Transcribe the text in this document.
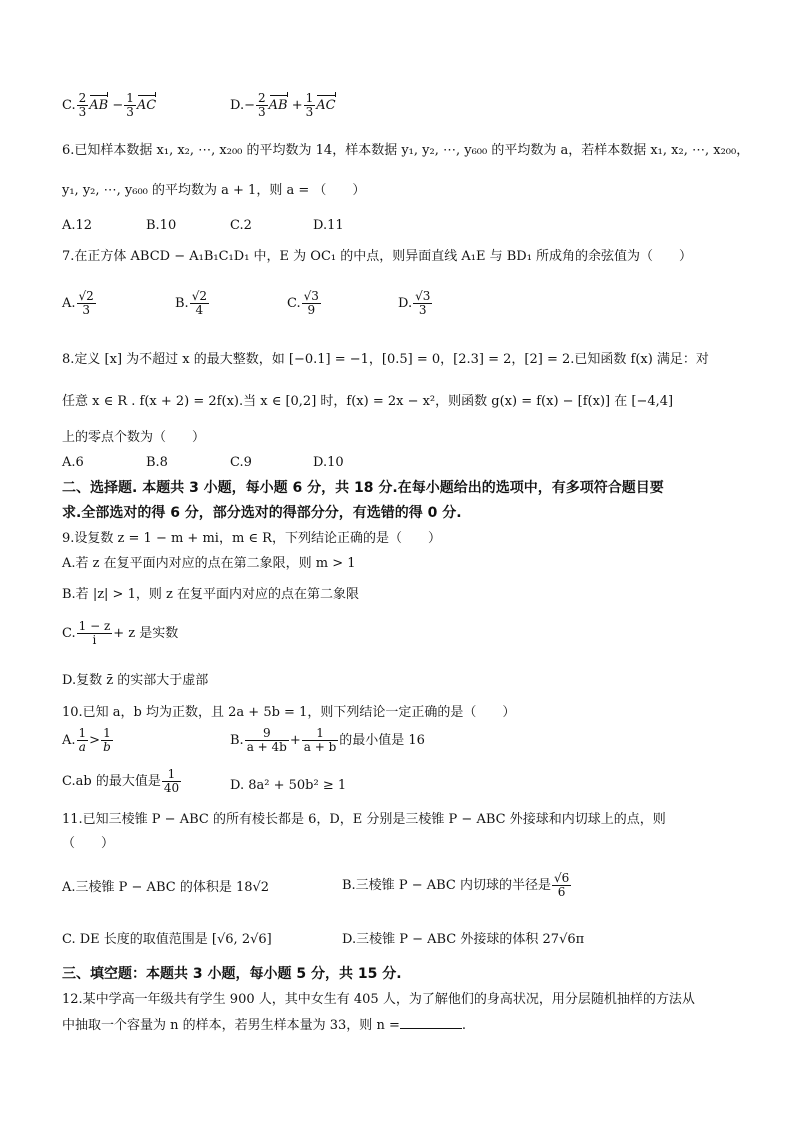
C. $\frac{2}{3}$ AB − $\frac{1}{3}$ AC	$D.- \frac{2}{3}$ AB + $\frac{1}{3}$ AC
6.已知样本数据 x₁, x₂, ⋯, x₂₀₀ 的平均数为 14，样本数据 y₁, y₂, ⋯, y₆₀₀ 的平均数为 a，若样本数据 x₁, x₂, ⋯, x₂₀₀，
y₁, y₂, ⋯, y₆₀₀ 的平均数为 a + 1，则 a = （　　）
A.12	B.10	C.2	D.11
7.在正方体 ABCD − A₁B₁C₁D₁ 中，E 为 OC₁ 的中点，则异面直线 A₁E 与 BD₁ 所成角的余弦值为（　　）
A. $\frac{√2}{3}$	B. $\frac{√2}{4}$	C. $\frac{√3}{9}$	D. $\frac{√3}{3}$
8.定义 [x] 为不超过 x 的最大整数，如 [−0.1] = −1，[0.5] = 0，[2.3] = 2，[2] = 2.已知函数 f(x) 满足：对
任意 x ∈ R . f(x + 2) = 2f(x).当 x ∈ [0,2] 时，f(x) = 2x − x²，则函数 g(x) = f(x) − [f(x)] 在 [−4,4]
上的零点个数为（　　）
A.6	B.8	C.9	D.10
二、选择题. 本题共 3 小题，每小题 6 分，共 18 分.在每小题给出的选项中，有多项符合题目要
求.全部选对的得 6 分，部分选对的得部分分，有选错的得 0 分.
9.设复数 z = 1 − m + mi，m ∈ R，下列结论正确的是（　　）
A.若 z 在复平面内对应的点在第二象限，则 m > 1
B.若 |z| > 1，则 z 在复平面内对应的点在第二象限
C. $\frac{1 - z}{i} + z$ 是实数
D.复数 z̄ 的实部大于虚部
10.已知 a，b 均为正数，且 2a + 5b = 1，则下列结论一定正确的是（　　）
A. $\frac{1}{a} > \frac{1}{b}$	B. $\frac{9}{a + 4b} + \frac{1}{a + b}$ 的最小值是 16
C.ab 的最大值是 $\frac{1}{40}$	D. 8a² + 50b² ≥ 1
11.已知三棱锥 P − ABC 的所有棱长都是 6，D，E 分别是三棱锥 P − ABC 外接球和内切球上的点，则
（　　）
A.三棱锥 P − ABC 的体积是 18√2	B.三棱锥 P − ABC 内切球的半径是 $\frac{√6}{6}$
C. DE 长度的取值范围是 [√6, 2√6]	D.三棱锥 P − ABC 外接球的体积 27√6π
三、填空题：本题共 3 小题，每小题 5 分，共 15 分.
12.某中学高一年级共有学生 900 人，其中女生有 405 人，为了解他们的身高状况，用分层随机抽样的方法从
中抽取一个容量为 n 的样本，若男生样本量为 33，则 n =	.
